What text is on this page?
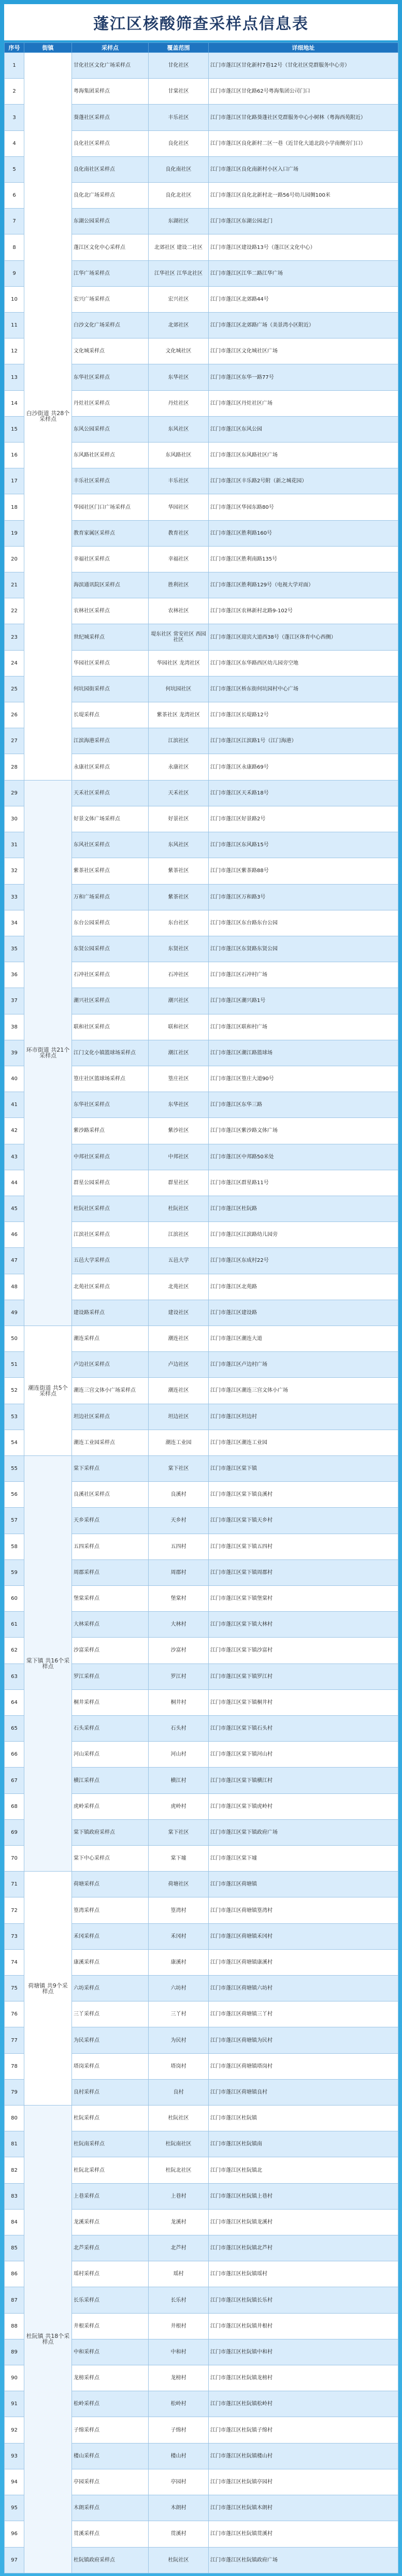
蓬江区核酸筛查采样点信息表
序号	街镇	采样点	覆盖范围	详细地址
1	白沙街道 共28个采样点	甘化社区文化广场采样点	甘化社区	江门市蓬江区甘化新村7巷12号（甘化社区党群服务中心旁）
2		粤海集团采样点	甘棠社区	江门市蓬江区甘化路62号粤海集团公司门口
3		葵蓬社区采样点	丰乐社区	江门市蓬江区甘化路葵蓬社区党群服务中心小树林（粤海西苑附近）
4		良化社区采样点	良化社区	江门市蓬江区良化新村二区一巷（近甘化大道北段小学南侧旁门口）
5		良化南社区采样点	良化南社区	江门市蓬江区良化南新村小区入口广场
6		良化北广场采样点	良化北社区	江门市蓬江区良化北新村北一路56号幼儿园侧100米
7		东湖公园采样点	东湖社区	江门市蓬江区东湖公园北门
8		蓬江区文化中心采样点	北郊社区 建设二社区	江门市蓬江区建设路13号（蓬江区文化中心）
9		江华广场采样点	江华社区 江华北社区	江门市蓬江区江华二路江华广场
10		宏兴广场采样点	宏兴社区	江门市蓬江区北郊路44号
11		白沙文化广场采样点	北郊社区	江门市蓬江区北郊路广场（美景湾小区附近）
12		文化城采样点	文化城社区	江门市蓬江区文化城社区广场
13		东华社区采样点	东华社区	江门市蓬江区东华一路77号
14		丹灶社区采样点	丹灶社区	江门市蓬江区丹灶社区广场
15		东风公园采样点	东风社区	江门市蓬江区东风公园
16		东风路社区采样点	东风路社区	江门市蓬江区东风路社区广场
17		丰乐社区采样点	丰乐社区	江门市蓬江区丰乐路2号附（新之城花园）
18		华园社区门口广场采样点	华园社区	江门市蓬江区华园东路80号
19		教育家属区采样点	教育社区	江门市蓬江区胜利路160号
20		幸福社区采样点	幸福社区	江门市蓬江区胜利南路135号
21		海滨通讯院区采样点	胜利社区	江门市蓬江区胜利路129号（电视大学对面）
22		农林社区采样点	农林社区	江门市蓬江区农林新村北路9-102号
23		世纪城采样点	堤东社区 常安社区 西园社区	江门市蓬江区迎宾大道西38号（蓬江区体育中心西侧）
24		华园社区采样点	华园社区 龙湾社区	江门市蓬江区东华路西区幼儿园旁空地
25		何坑园街采样点	何坑园社区	江门市蓬江区桥东街何坑园村中心广场
26		长堤采样点	紫茶社区 龙湾社区	江门市蓬江区长堤路12号
27		江滨海港采样点	江滨社区	江门市蓬江区江滨路1号（江门海港）
28		永康社区采样点	永康社区	江门市蓬江区永康路69号
29	环市街道 共21个采样点	天禾社区采样点	天禾社区	江门市蓬江区天禾路18号
30		好景文体广场采样点	好景社区	江门市蓬江区好景路2号
31		东风社区采样点	东风社区	江门市蓬江区东风路15号
32		紫茶社区采样点	紫茶社区	江门市蓬江区紫茶路88号
33		万和广场采样点	紫茶社区	江门市蓬江区万和路3号
34		东台公园采样点	东台社区	江门市蓬江区东台路东台公园
35		东贤公园采样点	东贤社区	江门市蓬江区东贤路东贤公园
36		石冲社区采样点	石冲社区	江门市蓬江区石冲村广场
37		潮兴社区采样点	潮兴社区	江门市蓬江区潮兴路1号
38		联和社区采样点	联和社区	江门市蓬江区联和村广场
39		江门文化小镇篮球场采样点	潮江社区	江门市蓬江区潮江路篮球场
40		篁庄社区篮球场采样点	篁庄社区	江门市蓬江区篁庄大道90号
41		东华社区采样点	东华社区	江门市蓬江区东华三路
42		紫沙路采样点	紫沙社区	江门市蓬江区紫沙路文体广场
43		中邦社区采样点	中邦社区	江门市蓬江区中邦路50米处
44		群星公园采样点	群星社区	江门市蓬江区群星路11号
45		杜阮社区采样点	杜阮社区	江门市蓬江区杜阮路
46		江滨社区采样点	江滨社区	江门市蓬江区江滨路幼儿园旁
47		五邑大学采样点	五邑大学	江门市蓬江区东成村22号
48		北苑社区采样点	北苑社区	江门市蓬江区北苑路
49		建设路采样点	建设社区	江门市蓬江区建设路
50	潮连街道 共5个采样点	潮连采样点	潮连社区	江门市蓬江区潮连大道
51		卢边社区采样点	卢边社区	江门市蓬江区卢边村广场
52		潮连三宫文体小广场采样点	潮连社区	江门市蓬江区潮连三宫文体小广场
53		坦边社区采样点	坦边社区	江门市蓬江区坦边村
54		潮连工业园采样点	潮连工业园	江门市蓬江区潮连工业园
55	棠下镇 共16个采样点	棠下采样点	棠下社区	江门市蓬江区棠下镇
56		良溪社区采样点	良溪村	江门市蓬江区棠下镇良溪村
57		天乡采样点	天乡村	江门市蓬江区棠下镇天乡村
58		五四采样点	五四村	江门市蓬江区棠下镇五四村
59		周郡采样点	周郡村	江门市蓬江区棠下镇周郡村
60		堡棠采样点	堡棠村	江门市蓬江区棠下镇堡棠村
61		大林采样点	大林村	江门市蓬江区棠下镇大林村
62		沙富采样点	沙富村	江门市蓬江区棠下镇沙富村
63		罗江采样点	罗江村	江门市蓬江区棠下镇罗江村
64		桐井采样点	桐井村	江门市蓬江区棠下镇桐井村
65		石头采样点	石头村	江门市蓬江区棠下镇石头村
66		河山采样点	河山村	江门市蓬江区棠下镇河山村
67		横江采样点	横江村	江门市蓬江区棠下镇横江村
68		虎岭采样点	虎岭村	江门市蓬江区棠下镇虎岭村
69		棠下镇政府采样点	棠下社区	江门市蓬江区棠下镇政府广场
70		棠下中心采样点	棠下墟	江门市蓬江区棠下墟
71	荷塘镇 共9个采样点	荷塘采样点	荷塘社区	江门市蓬江区荷塘镇
72		篁湾采样点	篁湾村	江门市蓬江区荷塘镇篁湾村
73		禾冈采样点	禾冈村	江门市蓬江区荷塘镇禾冈村
74		康溪采样点	康溪村	江门市蓬江区荷塘镇康溪村
75		六坊采样点	六坊村	江门市蓬江区荷塘镇六坊村
76		三丫采样点	三丫村	江门市蓬江区荷塘镇三丫村
77		为民采样点	为民村	江门市蓬江区荷塘镇为民村
78		塔岗采样点	塔岗村	江门市蓬江区荷塘镇塔岗村
79		良村采样点	良村	江门市蓬江区荷塘镇良村
80	杜阮镇 共18个采样点	杜阮采样点	杜阮社区	江门市蓬江区杜阮镇
81		杜阮南采样点	杜阮南社区	江门市蓬江区杜阮镇南
82		杜阮北采样点	杜阮北社区	江门市蓬江区杜阮镇北
83		上巷采样点	上巷村	江门市蓬江区杜阮镇上巷村
84		龙溪采样点	龙溪村	江门市蓬江区杜阮镇龙溪村
85		北芦采样点	北芦村	江门市蓬江区杜阮镇北芦村
86		瑶村采样点	瑶村	江门市蓬江区杜阮镇瑶村
87		长乐采样点	长乐村	江门市蓬江区杜阮镇长乐村
88		井根采样点	井根村	江门市蓬江区杜阮镇井根村
89		中和采样点	中和村	江门市蓬江区杜阮镇中和村
90		龙榜采样点	龙榜村	江门市蓬江区杜阮镇龙榜村
91		松岭采样点	松岭村	江门市蓬江区杜阮镇松岭村
92		子绵采样点	子绵村	江门市蓬江区杜阮镇子绵村
93		楼山采样点	楼山村	江门市蓬江区杜阮镇楼山村
94		亭园采样点	亭园村	江门市蓬江区杜阮镇亭园村
95		木朗采样点	木朗村	江门市蓬江区杜阮镇木朗村
96		贯溪采样点	贯溪村	江门市蓬江区杜阮镇贯溪村
97		杜阮镇政府采样点	杜阮社区	江门市蓬江区杜阮镇政府广场
